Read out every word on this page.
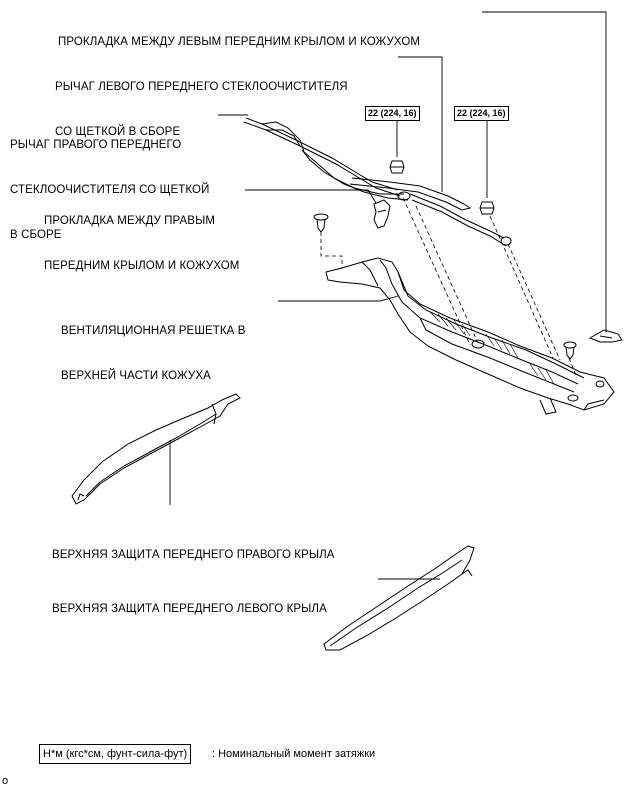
ПРОКЛАДКА МЕЖДУ ЛЕВЫМ ПЕРЕДНИМ КРЫЛОМ И КОЖУХОМ

РЫЧАГ ЛЕВОГО ПЕРЕДНЕГО СТЕКЛООЧИСТИТЕЛЯ

СО ЩЕТКОЙ В СБОРЕ

РЫЧАГ ПРАВОГО ПЕРЕДНЕГО

СТЕКЛООЧИСТИТЕЛЯ СО ЩЕТКОЙ

В СБОРЕ

ПРОКЛАДКА МЕЖДУ ПРАВЫМ

ПЕРЕДНИМ КРЫЛОМ И КОЖУХОМ

ВЕНТИЛЯЦИОННАЯ РЕШЕТКА В

ВЕРХНЕЙ ЧАСТИ КОЖУХА

ВЕРХНЯЯ ЗАЩИТА ПЕРЕДНЕГО ПРАВОГО КРЫЛА

ВЕРХНЯЯ ЗАЩИТА ПЕРЕДНЕГО ЛЕВОГО КРЫЛА

22 (224, 16)	22 (224, 16)
Н*м (кгс*см, фунт-сила-фут)	: Номинальный момент затяжки
o
